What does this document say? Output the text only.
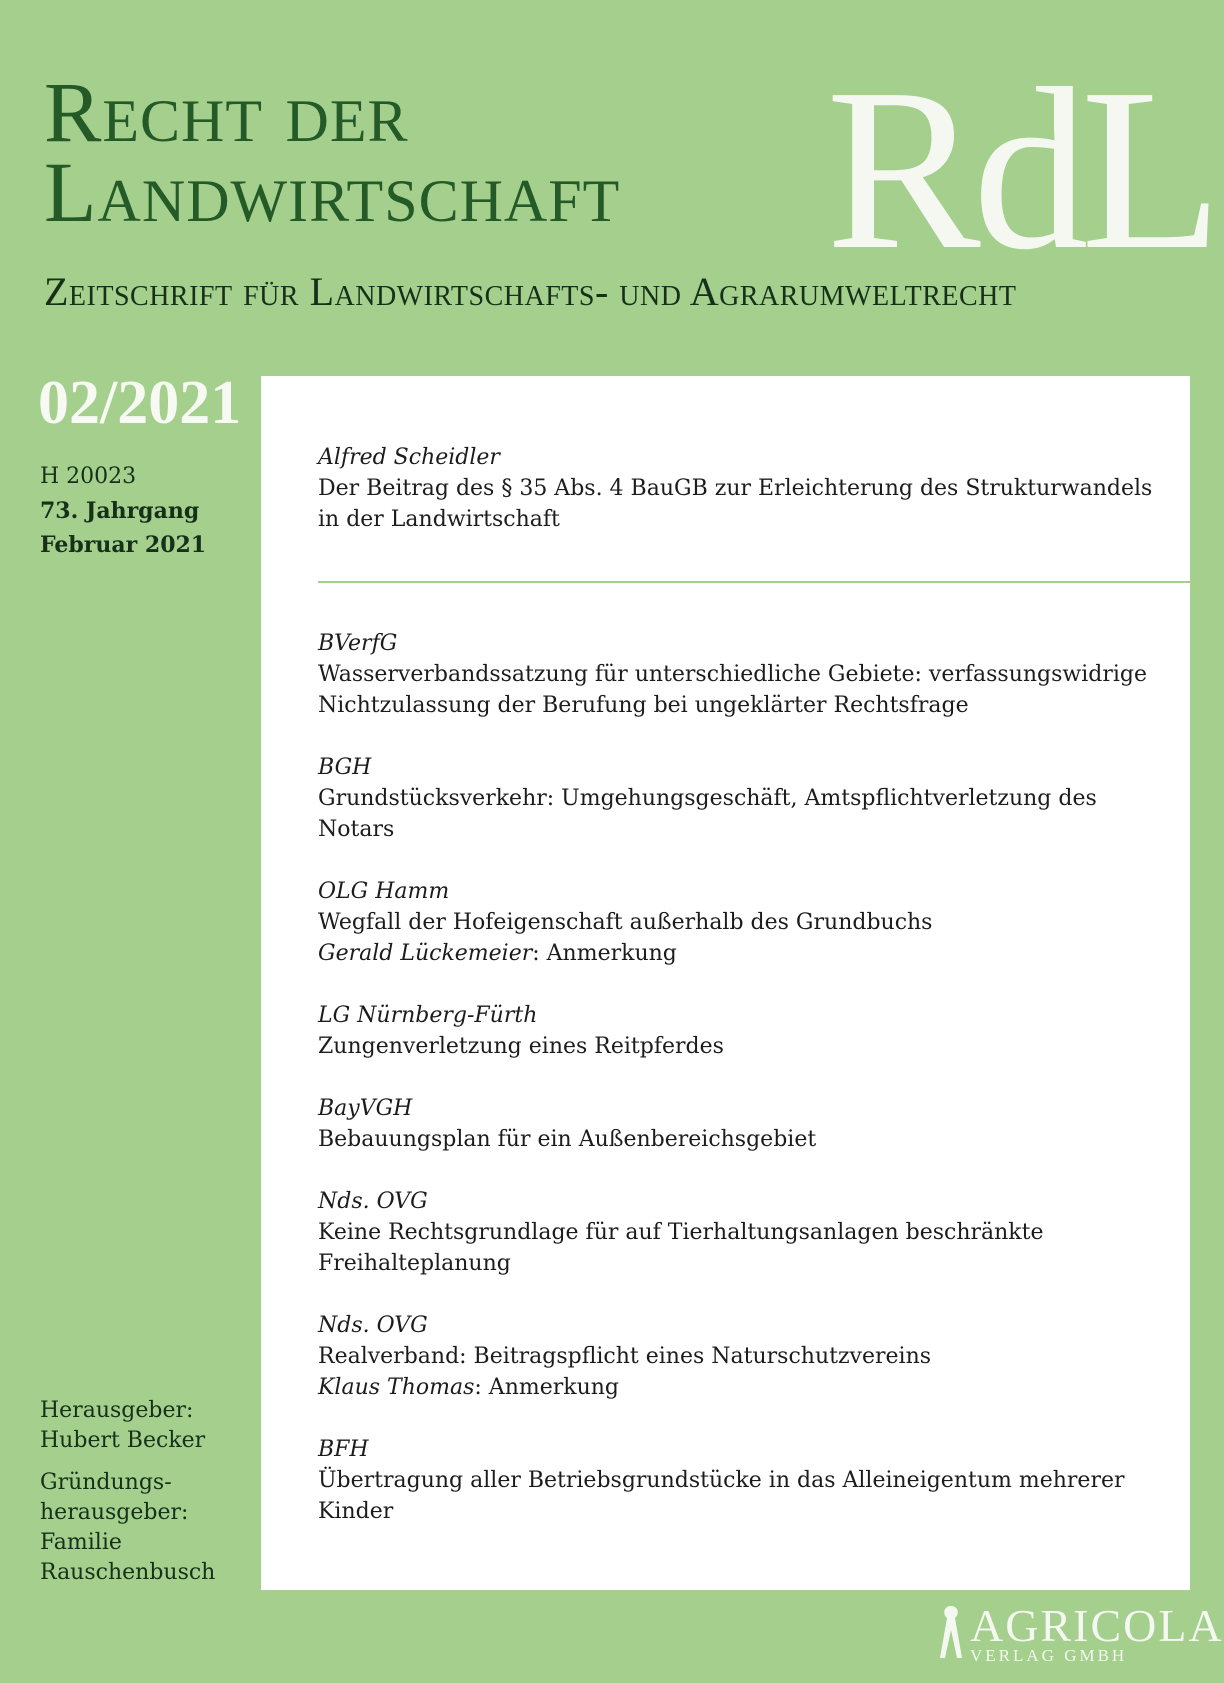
Recht der
Landwirtschaft RdL
Zeitschrift für Landwirtschafts- und Agrarumweltrecht
02/2021
H 20023
73. Jahrgang
Februar 2021
Herausgeber:
Hubert Becker
Gründungs-
herausgeber:
Familie
Rauschenbusch
Alfred Scheidler
Der Beitrag des § 35 Abs. 4 BauGB zur Erleichterung des Strukturwandels
in der Landwirtschaft
BVerfG
Wasserverbandssatzung für unterschiedliche Gebiete: verfassungswidrige
Nichtzulassung der Berufung bei ungeklärter Rechtsfrage
BGH
Grundstücksverkehr: Umgehungsgeschäft, Amtspflichtverletzung des
Notars
OLG Hamm
Wegfall der Hofeigenschaft außerhalb des Grundbuchs
Gerald Lückemeier: Anmerkung
LG Nürnberg-Fürth
Zungenverletzung eines Reitpferdes
BayVGH
Bebauungsplan für ein Außenbereichsgebiet
Nds. OVG
Keine Rechtsgrundlage für auf Tierhaltungsanlagen beschränkte
Freihalteplanung
Nds. OVG
Realverband: Beitragspflicht eines Naturschutzvereins
Klaus Thomas: Anmerkung
BFH
Übertragung aller Betriebsgrundstücke in das Alleineigentum mehrerer
Kinder
AGRICOLA
VERLAG GMBH
